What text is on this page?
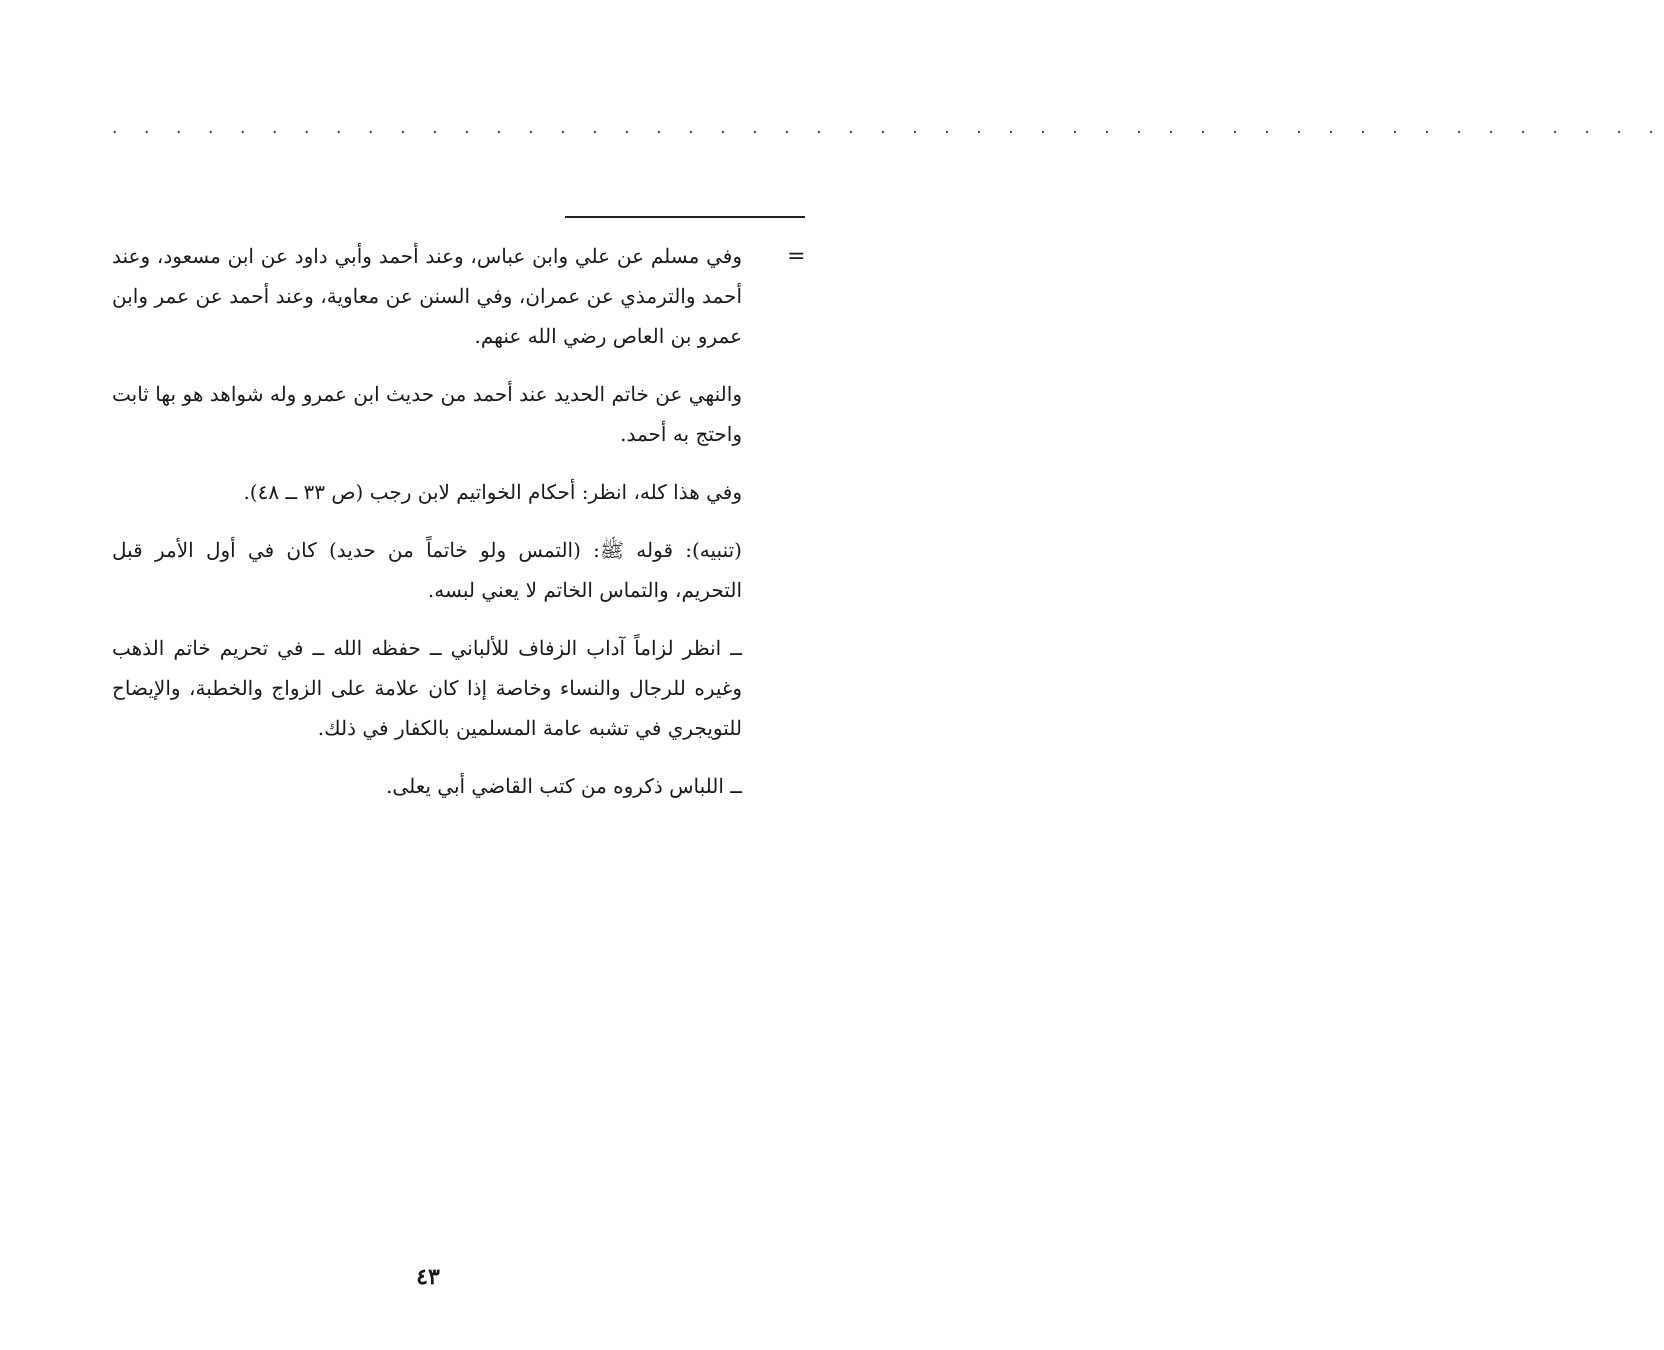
. . . . . . . . . . . . . . . . . . . . . . . . . . . . . . . . . . . . . . . . . . . . . . . . .
=

وفي مسلم عن علي وابن عباس، وعند أحمد وأبي داود عن ابن مسعود، وعند أحمد والترمذي عن عمران، وفي السنن عن معاوية، وعند أحمد عن عمر وابن عمرو بن العاص رضي الله عنهم.

والنهي عن خاتم الحديد عند أحمد من حديث ابن عمرو وله شواهد هو بها ثابت واحتج به أحمد.

وفي هذا كله، انظر: أحكام الخواتيم لابن رجب (ص ٣٣ ــ ٤٨).

(تنبيه): قوله ﷺ: (التمس ولو خاتماً من حديد) كان في أول الأمر قبل التحريم، والتماس الخاتم لا يعني لبسه.

ــ انظر لزاماً آداب الزفاف للألباني ــ حفظه الله ــ في تحريم خاتم الذهب وغيره للرجال والنساء وخاصة إذا كان علامة على الزواج والخطبة، والإيضاح للتويجري في تشبه عامة المسلمين بالكفار في ذلك.

ــ اللباس ذكروه من كتب القاضي أبي يعلى.

٤٣
